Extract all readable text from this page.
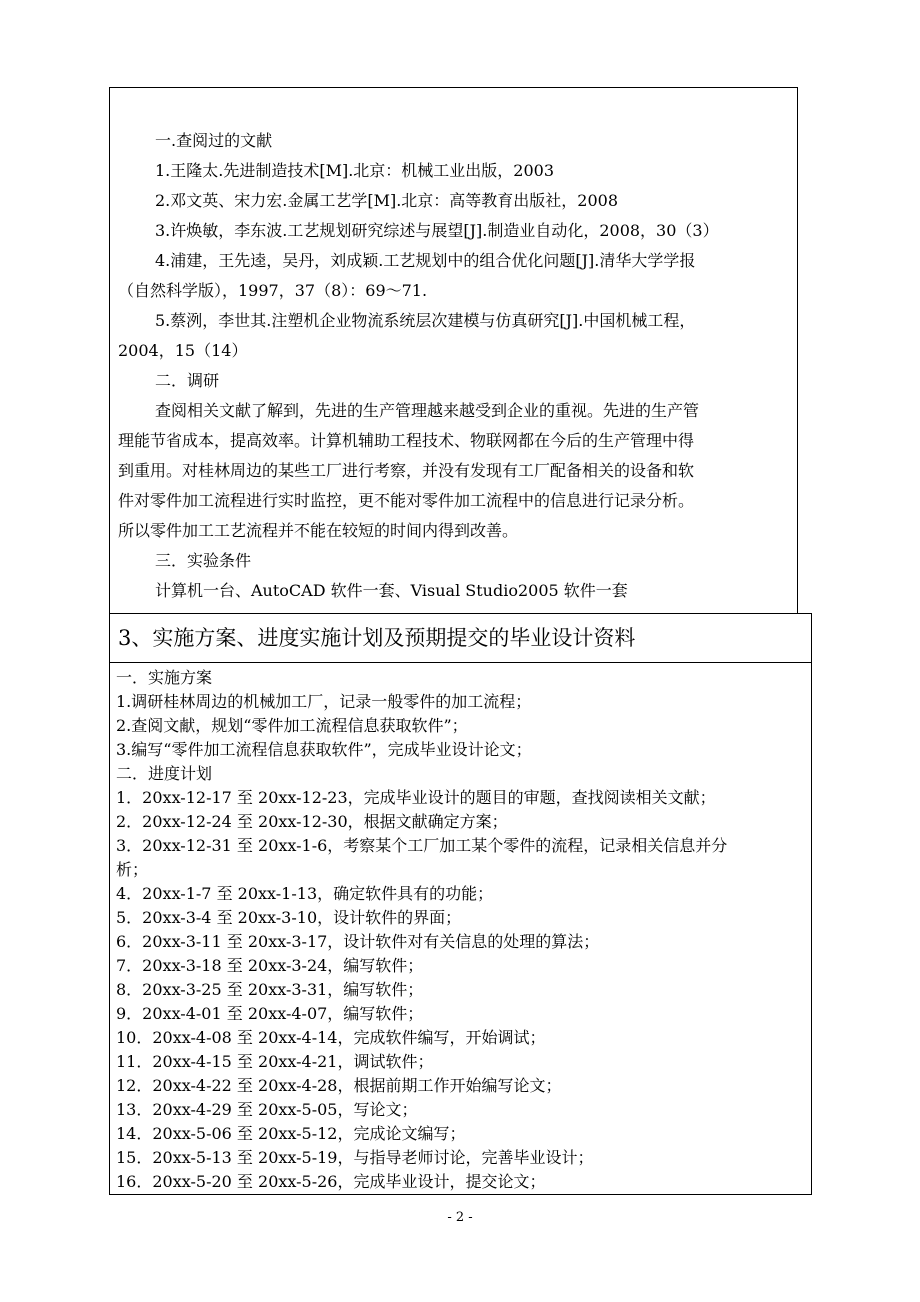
一.查阅过的文献
1.王隆太.先进制造技术[M].北京：机械工业出版，2003
2.邓文英、宋力宏.金属工艺学[M].北京：高等教育出版社，2008
3.许焕敏，李东波.工艺规划研究综述与展望[J].制造业自动化，2008，30（3）
4.浦建，王先逵，吴丹，刘成颖.工艺规划中的组合优化问题[J].清华大学学报
（自然科学版），1997，37（8）：69～71.
5.蔡洌，李世其.注塑机企业物流系统层次建模与仿真研究[J].中国机械工程，
2004，15（14）
二．调研
查阅相关文献了解到，先进的生产管理越来越受到企业的重视。先进的生产管
理能节省成本，提高效率。计算机辅助工程技术、物联网都在今后的生产管理中得
到重用。对桂林周边的某些工厂进行考察，并没有发现有工厂配备相关的设备和软
件对零件加工流程进行实时监控，更不能对零件加工流程中的信息进行记录分析。
所以零件加工工艺流程并不能在较短的时间内得到改善。
三．实验条件
计算机一台、AutoCAD 软件一套、Visual Studio2005 软件一套
3、实施方案、进度实施计划及预期提交的毕业设计资料
一．实施方案
1.调研桂林周边的机械加工厂，记录一般零件的加工流程；
2.查阅文献，规划“零件加工流程信息获取软件”；
3.编写“零件加工流程信息获取软件”，完成毕业设计论文；
二．进度计划
1．20xx-12-17 至 20xx-12-23，完成毕业设计的题目的审题，查找阅读相关文献；
2．20xx-12-24 至 20xx-12-30，根据文献确定方案；
3．20xx-12-31 至 20xx-1-6，考察某个工厂加工某个零件的流程，记录相关信息并分
析；
4．20xx-1-7 至 20xx-1-13，确定软件具有的功能；
5．20xx-3-4 至 20xx-3-10，设计软件的界面；
6．20xx-3-11 至 20xx-3-17，设计软件对有关信息的处理的算法；
7．20xx-3-18 至 20xx-3-24，编写软件；
8．20xx-3-25 至 20xx-3-31，编写软件；
9．20xx-4-01 至 20xx-4-07，编写软件；
10．20xx-4-08 至 20xx-4-14，完成软件编写，开始调试；
11．20xx-4-15 至 20xx-4-21，调试软件；
12．20xx-4-22 至 20xx-4-28，根据前期工作开始编写论文；
13．20xx-4-29 至 20xx-5-05，写论文；
14．20xx-5-06 至 20xx-5-12，完成论文编写；
15．20xx-5-13 至 20xx-5-19，与指导老师讨论，完善毕业设计；
16．20xx-5-20 至 20xx-5-26，完成毕业设计，提交论文；
- 2 -
